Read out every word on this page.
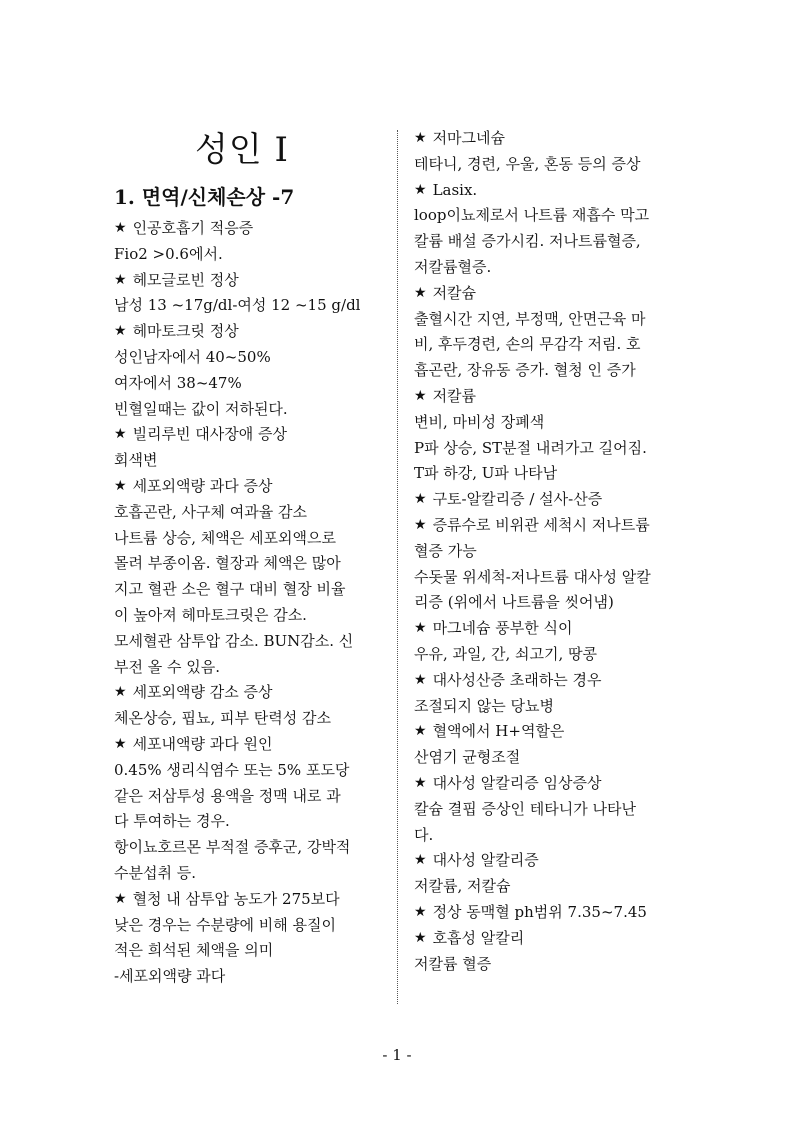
성인 I
1. 면역/신체손상 -7
★ 인공호흡기 적응증
Fio2 >0.6에서.
★ 헤모글로빈 정상
남성 13 ~17g/dl-여성 12 ~15 g/dl
★ 헤마토크릿 정상
성인남자에서 40~50%
여자에서 38~47%
빈혈일때는 값이 저하된다.
★ 빌리루빈 대사장애 증상
회색변
★ 세포외액량 과다 증상
호흡곤란, 사구체 여과율 감소
나트륨 상승, 체액은 세포외액으로
몰려 부종이옴. 혈장과 체액은 많아
지고 혈관 소은 혈구 대비 혈장 비율
이 높아져 헤마토크릿은 감소.
모세혈관 삼투압 감소. BUN감소. 신
부전 올 수 있음.
★ 세포외액량 감소 증상
체온상승, 핍뇨, 피부 탄력성 감소
★ 세포내액량 과다 원인
0.45% 생리식염수 또는 5% 포도당
같은 저삼투성 용액을 정맥 내로 과
다 투여하는 경우.
항이뇨호르몬 부적절 증후군, 강박적
수분섭취 등.
★ 혈청 내 삼투압 농도가 275보다
낮은 경우는 수분량에 비해 용질이
적은 희석된 체액을 의미
-세포외액량 과다
★ 저마그네슘
테타니, 경련, 우울, 혼동 등의 증상
★ Lasix.
loop이뇨제로서 나트륨 재흡수 막고
칼륨 배설 증가시킴. 저나트륨혈증,
저칼륨혈증.
★ 저칼슘
출혈시간 지연, 부정맥, 안면근육 마
비, 후두경련, 손의 무감각 저림. 호
흡곤란, 장유동 증가. 혈청 인 증가
★ 저칼륨
변비, 마비성 장폐색
P파 상승, ST분절 내려가고 길어짐.
T파 하강, U파 나타남
★ 구토-알칼리증 / 설사-산증
★ 증류수로 비위관 세척시 저나트륨
혈증 가능
수돗물 위세척-저나트륨 대사성 알칼
리증 (위에서 나트륨을 씻어냄)
★ 마그네슘 풍부한 식이
우유, 과일, 간, 쇠고기, 땅콩
★ 대사성산증 초래하는 경우
조절되지 않는 당뇨병
★ 혈액에서 H+역할은
산염기 균형조절
★ 대사성 알칼리증 임상증상
칼슘 결핍 증상인 테타니가 나타난
다.
★ 대사성 알칼리증
저칼륨, 저칼슘
★ 정상 동맥혈 ph범위 7.35~7.45
★ 호흡성 알칼리
저칼륨 혈증
- 1 -
